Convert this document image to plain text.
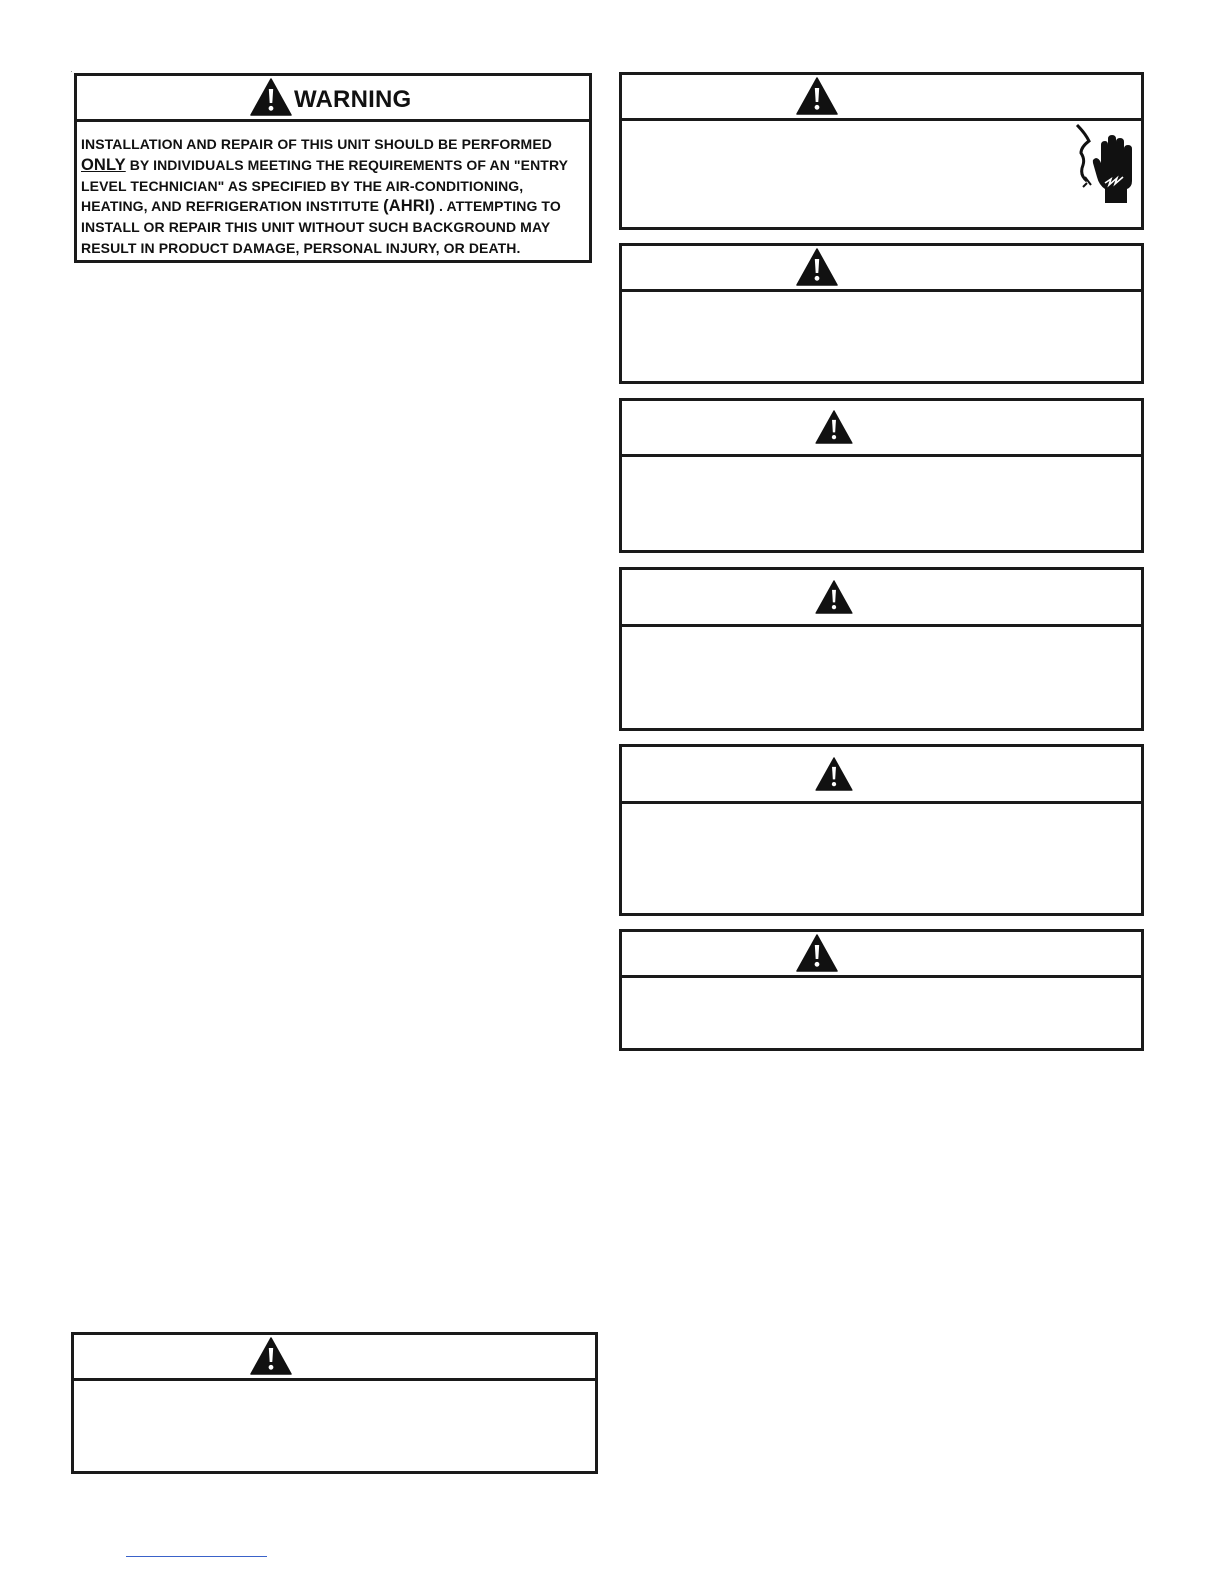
WARNING
INSTALLATION AND REPAIR OF THIS UNIT SHOULD BE PERFORMED ONLY BY INDIVIDUALS MEETING THE REQUIREMENTS OF AN "ENTRY LEVEL TECHNICIAN" AS SPECIFIED BY THE AIR-CONDITIONING, HEATING, AND REFRIGERATION INSTITUTE (AHRI) . ATTEMPTING TO INSTALL OR REPAIR THIS UNIT WITHOUT SUCH BACKGROUND MAY RESULT IN PRODUCT DAMAGE, PERSONAL INJURY, OR DEATH.
